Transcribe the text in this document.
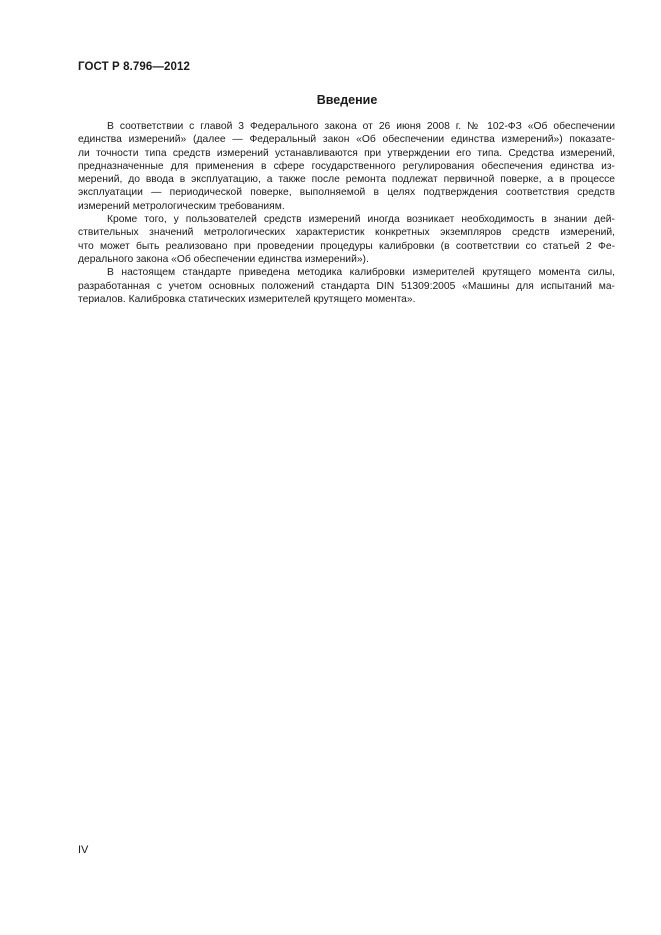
ГОСТ Р 8.796—2012
Введение

В соответствии с главой 3 Федерального закона от 26 июня 2008 г. № 102-ФЗ «Об обеспечении
единства измерений» (далее — Федеральный закон «Об обеспечении единства измерений») показате-
ли точности типа средств измерений устанавливаются при утверждении его типа. Средства измерений,
предназначенные для применения в сфере государственного регулирования обеспечения единства из-
мерений, до ввода в эксплуатацию, а также после ремонта подлежат первичной поверке, а в процессе
эксплуатации — периодической поверке, выполняемой в целях подтверждения соответствия средств
измерений метрологическим требованиям.

Кроме того, у пользователей средств измерений иногда возникает необходимость в знании дей-
ствительных значений метрологических характеристик конкретных экземпляров средств измерений,
что может быть реализовано при проведении процедуры калибровки (в соответствии со статьей 2 Фе-
дерального закона «Об обеспечении единства измерений»).

В настоящем стандарте приведена методика калибровки измерителей крутящего момента силы,
разработанная с учетом основных положений стандарта DIN 51309:2005 «Машины для испытаний ма-
териалов. Калибровка статических измерителей крутящего момента».

IV
